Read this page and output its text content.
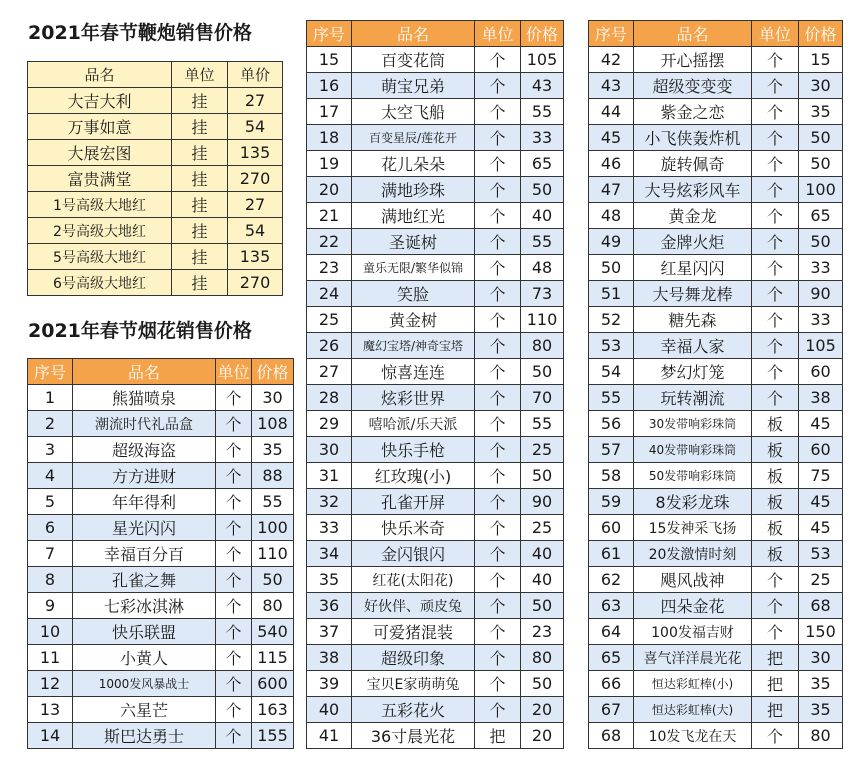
2021年春节鞭炮销售价格
2021年春节烟花销售价格
品名	单位	单价
大吉大利	挂	27
万事如意	挂	54
大展宏图	挂	135
富贵满堂	挂	270
1号高级大地红	挂	27
2号高级大地红	挂	54
5号高级大地红	挂	135
6号高级大地红	挂	270
序号	品名	单位	价格
1	熊猫喷泉	个	30
2	潮流时代礼品盒	个	108
3	超级海盗	个	35
4	方方进财	个	88
5	年年得利	个	55
6	星光闪闪	个	100
7	幸福百分百	个	110
8	孔雀之舞	个	50
9	七彩冰淇淋	个	80
10	快乐联盟	个	540
11	小黄人	个	115
12	1000发风暴战士	个	600
13	六星芒	个	163
14	斯巴达勇士	个	155
序号	品名	单位	价格
15	百变花筒	个	105
16	萌宝兄弟	个	43
17	太空飞船	个	55
18	百变星辰/莲花开	个	33
19	花儿朵朵	个	65
20	满地珍珠	个	50
21	满地红光	个	40
22	圣诞树	个	55
23	童乐无限/繁华似锦	个	48
24	笑脸	个	73
25	黄金树	个	110
26	魔幻宝塔/神奇宝塔	个	80
27	惊喜连连	个	50
28	炫彩世界	个	70
29	嘻哈派/乐天派	个	55
30	快乐手枪	个	25
31	红玫瑰(小)	个	50
32	孔雀开屏	个	90
33	快乐米奇	个	25
34	金闪银闪	个	40
35	红花(太阳花)	个	40
36	好伙伴、顽皮兔	个	50
37	可爱猪混装	个	23
38	超级印象	个	80
39	宝贝E家萌萌兔	个	50
40	五彩花火	个	20
41	36寸晨光花	把	20
序号	品名	单位	价格
42	开心摇摆	个	15
43	超级变变变	个	30
44	紫金之恋	个	35
45	小飞侠轰炸机	个	50
46	旋转佩奇	个	50
47	大号炫彩风车	个	100
48	黄金龙	个	65
49	金牌火炬	个	50
50	红星闪闪	个	33
51	大号舞龙棒	个	90
52	糖先森	个	33
53	幸福人家	个	105
54	梦幻灯笼	个	60
55	玩转潮流	个	38
56	30发带响彩珠筒	板	45
57	40发带响彩珠筒	板	60
58	50发带响彩珠筒	板	75
59	8发彩龙珠	板	45
60	15发神采飞扬	板	45
61	20发激情时刻	板	53
62	飓风战神	个	25
63	四朵金花	个	68
64	100发福吉财	个	150
65	喜气洋洋晨光花	把	30
66	恒达彩虹棒(小)	把	35
67	恒达彩虹棒(大)	把	35
68	10发飞龙在天	个	80
